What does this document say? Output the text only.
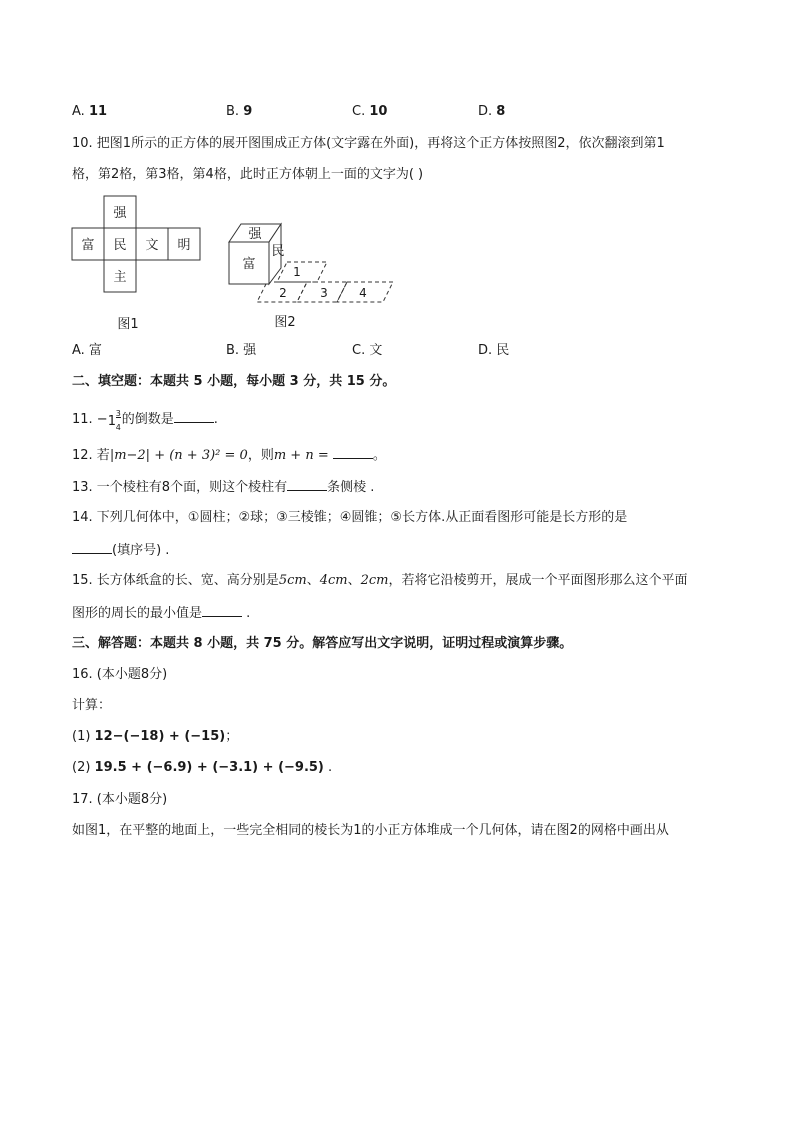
A. 11	B. 9	C. 10	D. 8
10. 把图1所示的正方体的展开图围成正方体(文字露在外面)，再将这个正方体按照图2，依次翻滚到第1
格，第2格，第3格，第4格，此时正方体朝上一面的文字为( )
强
富 民 文 明
主
图1
强
富
民
1
2	3	4
图2
A. 富	B. 强	C. 文	D. 民
二、填空题：本题共 5 小题，每小题 3 分，共 15 分。
11. − 1
3
4 的倒数是	.
12. 若|m−2| + (n + 3)² = 0，则m + n =	。
13. 一个棱柱有8个面，则这个棱柱有	条侧棱 .
14. 下列几何体中，①圆柱；②球；③三棱锥；④圆锥；⑤长方体.从正面看图形可能是长方形的是
(填序号) .
15. 长方体纸盒的长、宽、高分别是5cm、4cm、2cm，若将它沿棱剪开，展成一个平面图形那么这个平面
图形的周长的最小值是	.
三、解答题：本题共 8 小题，共 75 分。解答应写出文字说明，证明过程或演算步骤。
16. (本小题8分)
计算：
(1) 12−(−18) + (−15)；
(2) 19.5 + (−6.9) + (−3.1) + (−9.5) .
17. (本小题8分)
如图1，在平整的地面上，一些完全相同的棱长为1的小正方体堆成一个几何体，请在图2的网格中画出从
